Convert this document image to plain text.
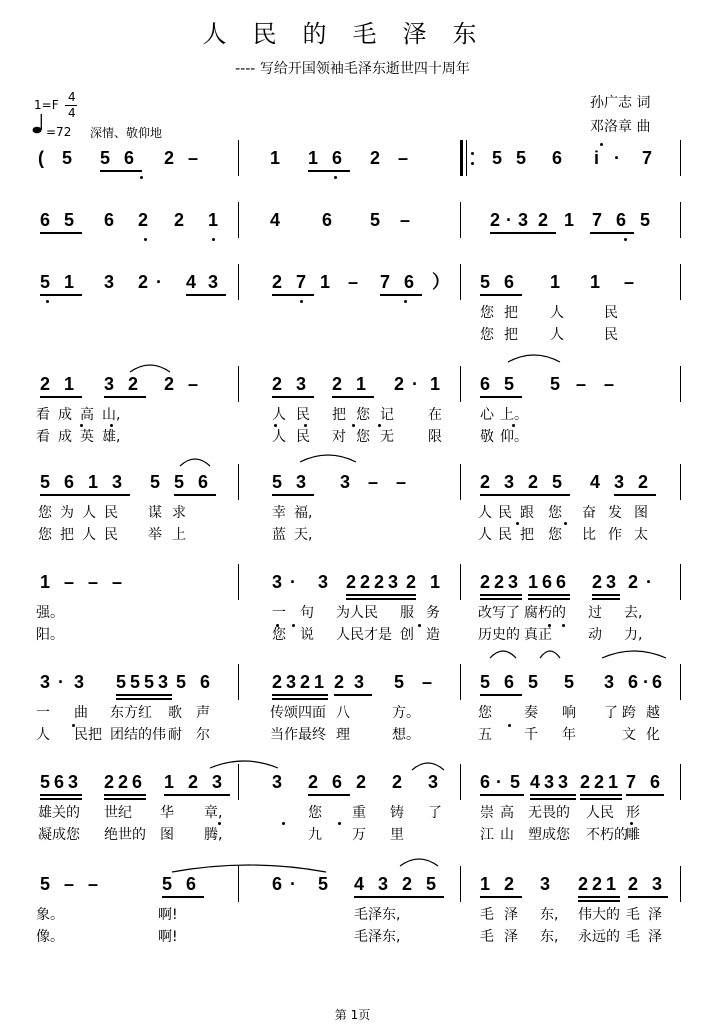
人民的毛泽东
---- 写给开国领袖毛泽东逝世四十周年
1=F
4
4
=72 深情、敬仰地
孙广志 词
邓洛章 曲
( 5 5 6 2 –	1 1 6 2 –	5 5 6 i · 7
6 5 6 2 2 1	4 6 5 –	2 · 3 2 1 7 6 5
5 1 3 2 · 4 3	2 7 1 – 7 6 ） 5 6 1 1 –
您 把 人	民
您 把 人	民
2 1 3 2 2 –	2 3 2 1 2 · 1 6 5 5 – –
看 成 高 山,	人 民 把 您 记 在	心 上。
看 成 英 雄,	人 民 对 您 无 限	敬 仰。
5 6 1 3 5 5 6	5 3 3 – –	2 3 2 5 4 3 2
您 为 人 民 谋 求	幸 福,	人 民 跟 您 奋 发 图
您 把 人 民 举 上	蓝 天,	人 民 把 您 比 作 太
1 – – –	3 · 3 2 2 2 3 2 1 2 2 3 1 6 6 2 3 2 ·
强。	一 句 为人民 服 务	改写了 腐朽的 过 去,
阳。	您 说 人民才是 创 造	历史的 真正	动 力,
3 · 3 5 5 5 3 5 6	2 3 2 1 2 3 5 –	5 6 5 5 3 6 · 6
一 曲 东方红 歌 声	传颂四面 八	方。	您 奏 响 了 跨 越
人 民把 团结的伟 耐 尔	当作最终 理	想。	五 千 年	文 化
5 6 3 2 2 6 1 2 3	3 2 6 2 2 3 6 · 5 4 3 3 2 2 1 7 6
雄关的 世纪 华 章,	您 重 铸 了	崇 高 无畏的 人民 形
凝成您 绝世的 图 腾,	九 万 里	江 山 塑成您 不朽的
雕
5 – –	5 6	6 · 5 4 3 2 5 1 2 3 2 2 1 2 3
象。	啊!	毛泽东,	毛 泽 东, 伟大的 毛 泽
像。	啊!	毛泽东,	毛 泽 东, 永远的 毛 泽
第 1页
